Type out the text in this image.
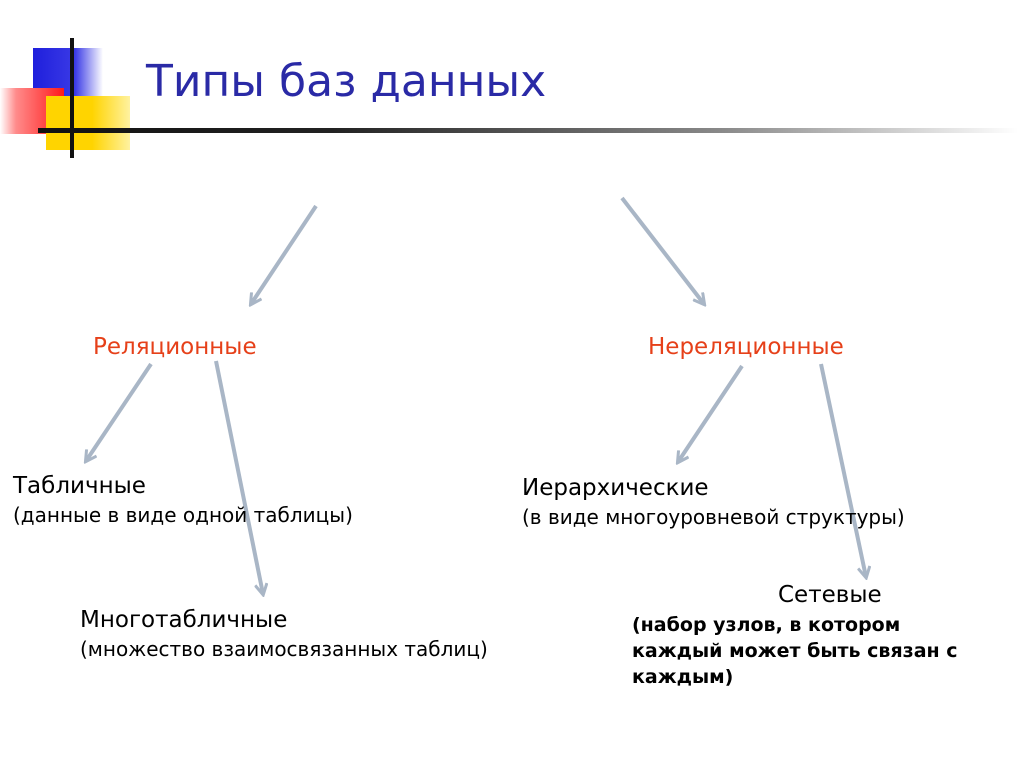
Типы баз данных
Реляционные	Нереляционные
Табличные
(данные в виде одной таблицы)
Многотабличные
(множество взаимосвязанных таблиц)
Иерархические
(в виде многоуровневой структуры)
Сетевые
(набор узлов, в котором
каждый может быть связан с
каждым)
